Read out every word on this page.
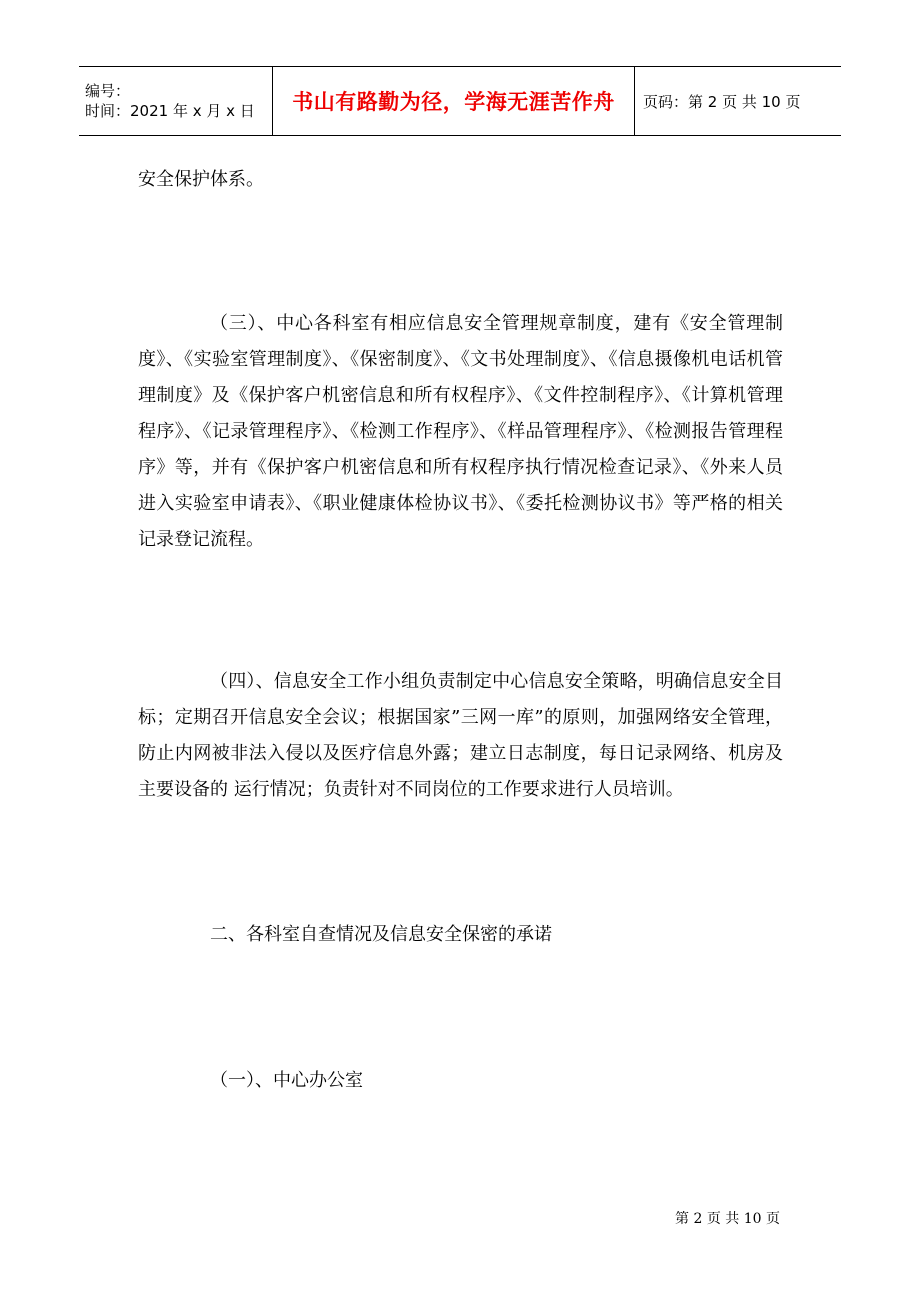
编号：
时间：2021 年 x 月 x 日 书山有路勤为径，学海无涯苦作舟 页码：第 2 页 共 10 页

安全保护体系。

（三）、中心各科室有相应信息安全管理规章制度，建有《安全管理制度》、《实验室管理制度》、《保密制度》、《文书处理制度》、《信息摄像机电话机管理制度》及《保护客户机密信息和所有权程序》、《文件控制程序》、《计算机管理程序》、《记录管理程序》、《检测工作程序》、《样品管理程序》、《检测报告管理程序》等，并有《保护客户机密信息和所有权程序执行情况检查记录》、《外来人员进入实验室申请表》、《职业健康体检协议书》、《委托检测协议书》等严格的相关记录登记流程。

（四）、信息安全工作小组负责制定中心信息安全策略，明确信息安全目标；定期召开信息安全会议；根据国家”三网一库”的原则，加强网络安全管理，防止内网被非法入侵以及医疗信息外露；建立日志制度，每日记录网络、机房及主要设备的 运行情况；负责针对不同岗位的工作要求进行人员培训。

二、各科室自查情况及信息安全保密的承诺

（一）、中心办公室

第 2 页 共 10 页
